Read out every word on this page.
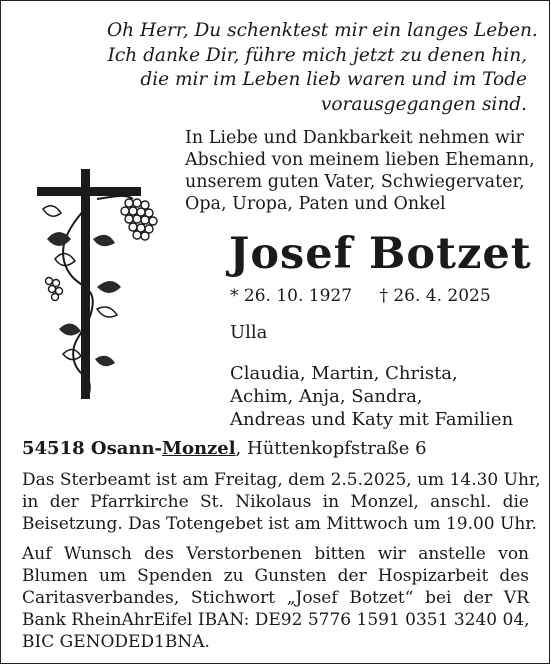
Oh Herr, Du schenktest mir ein langes Leben.
Ich danke Dir, führe mich jetzt zu denen hin,
die mir im Leben lieb waren und im Tode
vorausgegangen sind.
In Liebe und Dankbarkeit nehmen wir
Abschied von meinem lieben Ehemann,
unserem guten Vater, Schwiegervater,
Opa, Uropa, Paten und Onkel
Josef Botzet
* 26. 10. 1927 † 26. 4. 2025
Ulla
Claudia, Martin, Christa,
Achim, Anja, Sandra,
Andreas und Katy mit Familien
54518 Osann-Monzel, Hüttenkopfstraße 6
Das Sterbeamt ist am Freitag, dem 2.5.2025, um 14.30 Uhr,
in der Pfarrkirche St. Nikolaus in Monzel, anschl. die
Beisetzung. Das Totengebet ist am Mittwoch um 19.00 Uhr.
Auf Wunsch des Verstorbenen bitten wir anstelle von
Blumen um Spenden zu Gunsten der Hospizarbeit des
Caritasverbandes, Stichwort „Josef Botzet“ bei der VR
Bank RheinAhrEifel IBAN: DE92 5776 1591 0351 3240 04,
BIC GENODED1BNA.
